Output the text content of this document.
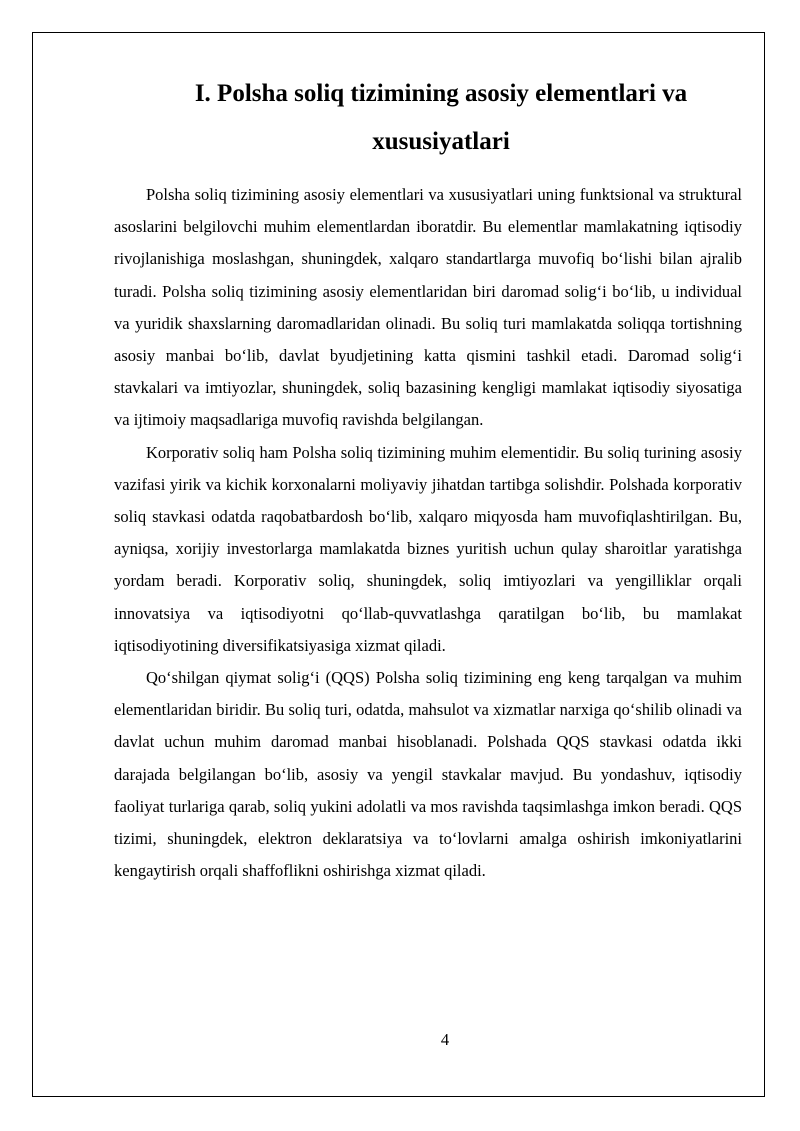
I. Polsha soliq tizimining asosiy elementlari va
xususiyatlari

Polsha soliq tizimining asosiy elementlari va xususiyatlari uning funktsional va struktural asoslarini belgilovchi muhim elementlardan iboratdir. Bu elementlar mamlakatning iqtisodiy rivojlanishiga moslashgan, shuningdek, xalqaro standartlarga muvofiq boʻlishi bilan ajralib turadi. Polsha soliq tizimining asosiy elementlaridan biri daromad soligʻi boʻlib, u individual va yuridik shaxslarning daromadlaridan olinadi. Bu soliq turi mamlakatda soliqqa tortishning asosiy manbai boʻlib, davlat byudjetining katta qismini tashkil etadi. Daromad soligʻi stavkalari va imtiyozlar, shuningdek, soliq bazasining kengligi mamlakat iqtisodiy siyosatiga va ijtimoiy maqsadlariga muvofiq ravishda belgilangan.

Korporativ soliq ham Polsha soliq tizimining muhim elementidir. Bu soliq turining asosiy vazifasi yirik va kichik korxonalarni moliyaviy jihatdan tartibga solishdir. Polshada korporativ soliq stavkasi odatda raqobatbardosh boʻlib, xalqaro miqyosda ham muvofiqlashtirilgan. Bu, ayniqsa, xorijiy investorlarga mamlakatda biznes yuritish uchun qulay sharoitlar yaratishga yordam beradi. Korporativ soliq, shuningdek, soliq imtiyozlari va yengilliklar orqali innovatsiya va iqtisodiyotni qoʻllab-quvvatlashga qaratilgan boʻlib, bu mamlakat iqtisodiyotining diversifikatsiyasiga xizmat qiladi.

Qoʻshilgan qiymat soligʻi (QQS) Polsha soliq tizimining eng keng tarqalgan va muhim elementlaridan biridir. Bu soliq turi, odatda, mahsulot va xizmatlar narxiga qoʻshilib olinadi va davlat uchun muhim daromad manbai hisoblanadi. Polshada QQS stavkasi odatda ikki darajada belgilangan boʻlib, asosiy va yengil stavkalar mavjud. Bu yondashuv, iqtisodiy faoliyat turlariga qarab, soliq yukini adolatli va mos ravishda taqsimlashga imkon beradi. QQS tizimi, shuningdek, elektron deklaratsiya va toʻlovlarni amalga oshirish imkoniyatlarini kengaytirish orqali shaffoflikni oshirishga xizmat qiladi.

4
